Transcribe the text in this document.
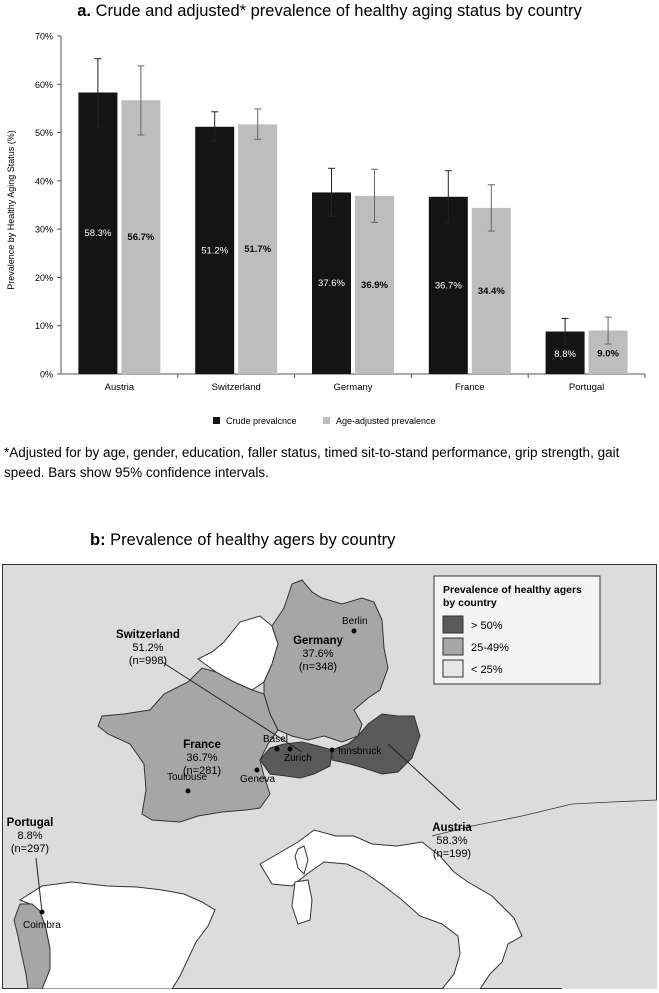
a. Crude and adjusted* prevalence of healthy aging status by country
0%
10%
20%
30%
40%
50%
60%
70%
58.3% 56.7%
51.2% 51.7%
37.6% 36.9%	36.7%
34.4%
8.8% 9.0%
Austria	Switzerland	Germany	France	Portugal
Prevalence by Healthy Aging Status (%)
Crude prevalcnce	Age-adjusted prevalence
*Adjusted for by age, gender, education, faller status, timed sit-to-stand performance, grip strength, gait speed. Bars show 95% confidence intervals.
b: Prevalence of healthy agers by country
Prevalence of healthy agers
by country
> 50%
25-49%
< 25%
Berlin
Basel
Zurich
Innsbruck
Geneva
Toulouse
Coimbra
Switzerland
51.2%
(n=998)
Germany
37.6%
(n=348)
France
36.7%
(n=281)
Portugal
8.8%
(n=297)
Austria
58.3%
(n=199)
